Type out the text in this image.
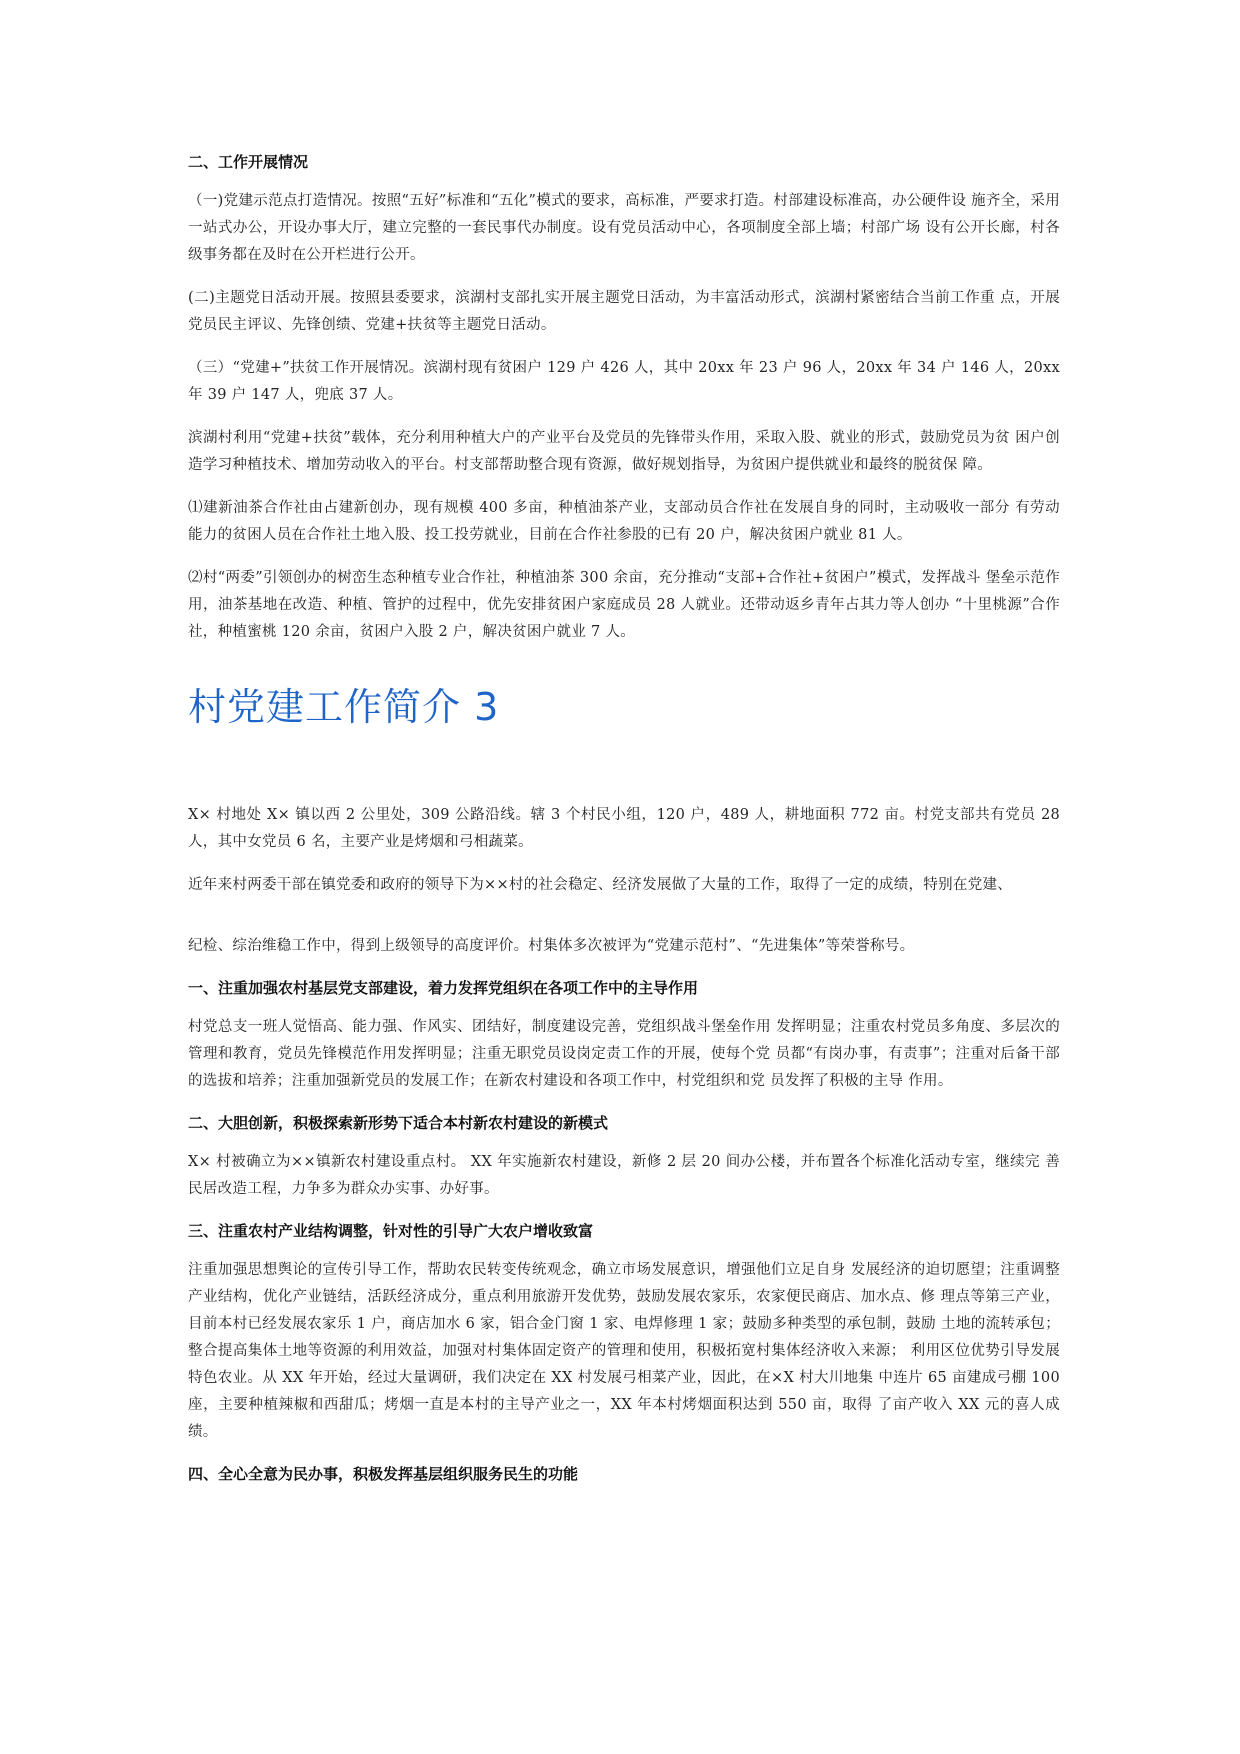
二、工作开展情况
（一)党建示范点打造情况。按照“五好”标准和“五化”模式的要求，高标准，严要求打造。村部建设标准高，办公硬件设 施齐全，采用一站式办公，开设办事大厅，建立完整的一套民事代办制度。设有党员活动中心，各项制度全部上墙；村部广场 设有公开长廊，村各级事务都在及时在公开栏进行公开。
(二)主题党日活动开展。按照县委要求，滨湖村支部扎实开展主题党日活动，为丰富活动形式，滨湖村紧密结合当前工作重 点，开展党员民主评议、先锋创绩、党建+扶贫等主题党日活动。
（三）“党建+”扶贫工作开展情况。滨湖村现有贫困户 129 户 426 人，其中 20xx 年 23 户 96 人，20xx 年 34 户 146 人，20xx 年 39 户 147 人，兜底 37 人。
滨湖村利用“党建+扶贫”载体，充分利用种植大户的产业平台及党员的先锋带头作用，采取入股、就业的形式，鼓励党员为贫 困户创造学习种植技术、增加劳动收入的平台。村支部帮助整合现有资源，做好规划指导，为贫困户提供就业和最终的脱贫保 障。
⑴建新油茶合作社由占建新创办，现有规模 400 多亩，种植油茶产业，支部动员合作社在发展自身的同时，主动吸收一部分 有劳动能力的贫困人员在合作社土地入股、投工投劳就业，目前在合作社参股的已有 20 户，解决贫困户就业 81 人。
⑵村“两委”引领创办的树峦生态种植专业合作社，种植油茶 300 余亩，充分推动“支部+合作社+贫困户”模式，发挥战斗 堡垒示范作用，油茶基地在改造、种植、管护的过程中，优先安排贫困户家庭成员 28 人就业。还带动返乡青年占其力等人创办 “十里桃源”合作社，种植蜜桃 120 余亩，贫困户入股 2 户，解决贫困户就业 7 人。
村党建工作简介 3
X× 村地处 X× 镇以西 2 公里处，309 公路沿线。辖 3 个村民小组，120 户，489 人，耕地面积 772 亩。村党支部共有党员 28 人，其中女党员 6 名，主要产业是烤烟和弓相蔬菜。
近年来村两委干部在镇党委和政府的领导下为××村的社会稳定、经济发展做了大量的工作，取得了一定的成绩，特别在党建、
纪检、综治维稳工作中，得到上级领导的高度评价。村集体多次被评为“党建示范村”、“先进集体”等荣誉称号。
一、注重加强农村基层党支部建设，着力发挥党组织在各项工作中的主导作用
村党总支一班人觉悟高、能力强、作风实、团结好，制度建设完善，党组织战斗堡垒作用 发挥明显；注重农村党员多角度、多层次的管理和教育，党员先锋模范作用发挥明显；注重无职党员设岗定责工作的开展，使每个党 员都“有岗办事，有责事”；注重对后备干部的选拔和培养；注重加强新党员的发展工作；在新农村建设和各项工作中，村党组织和党 员发挥了积极的主导 作用。
二、大胆创新，积极探索新形势下适合本村新农村建设的新模式
X× 村被确立为××镇新农村建设重点村。 XX 年实施新农村建设，新修 2 层 20 间办公楼，并布置各个标准化活动专室，继续完 善民居改造工程，力争多为群众办实事、办好事。
三、注重农村产业结构调整，针对性的引导广大农户增收致富
注重加强思想舆论的宣传引导工作，帮助农民转变传统观念，确立市场发展意识，增强他们立足自身 发展经济的迫切愿望；注重调整产业结构，优化产业链结，活跃经济成分，重点利用旅游开发优势，鼓励发展农家乐，农家便民商店、加水点、修 理点等第三产业，目前本村已经发展农家乐 1 户，商店加水 6 家，铝合金门窗 1 家、电焊修理 1 家；鼓励多种类型的承包制，鼓励 土地的流转承包；整合提高集体土地等资源的利用效益，加强对村集体固定资产的管理和使用，积极拓宽村集体经济收入来源； 利用区位优势引导发展特色农业。从 XX 年开始，经过大量调研，我们决定在 XX 村发展弓相菜产业，因此，在×X 村大川地集 中连片 65 亩建成弓棚 100 座，主要种植辣椒和西甜瓜；烤烟一直是本村的主导产业之一，XX 年本村烤烟面积达到 550 亩，取得 了亩产收入 XX 元的喜人成绩。
四、全心全意为民办事，积极发挥基层组织服务民生的功能
